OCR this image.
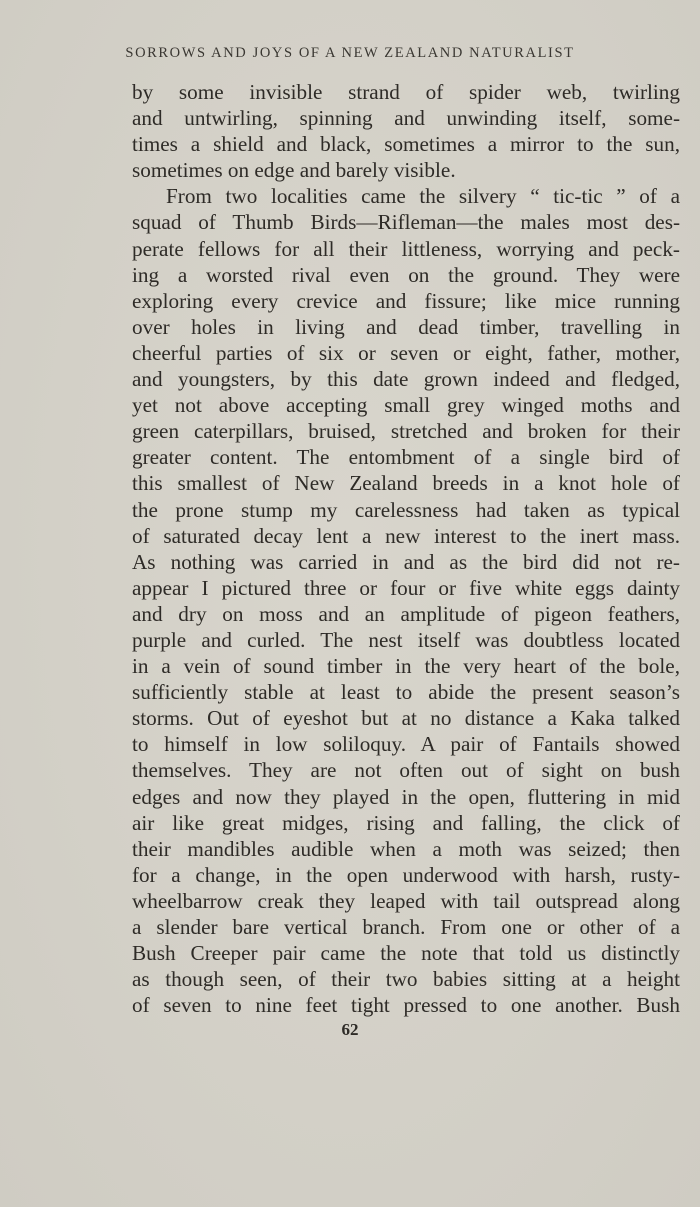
SORROWS AND JOYS OF A NEW ZEALAND NATURALIST
by some invisible strand of spider web, twirling
and untwirling, spinning and unwinding itself, some-
times a shield and black, sometimes a mirror to the sun,
sometimes on edge and barely visible.
From two localities came the silvery “ tic-tic ” of a
squad of Thumb Birds—Rifleman—the males most des-
perate fellows for all their littleness, worrying and peck-
ing a worsted rival even on the ground. They were
exploring every crevice and fissure; like mice running
over holes in living and dead timber, travelling in
cheerful parties of six or seven or eight, father, mother,
and youngsters, by this date grown indeed and fledged,
yet not above accepting small grey winged moths and
green caterpillars, bruised, stretched and broken for their
greater content. The entombment of a single bird of
this smallest of New Zealand breeds in a knot hole of
the prone stump my carelessness had taken as typical
of saturated decay lent a new interest to the inert mass.
As nothing was carried in and as the bird did not re-
appear I pictured three or four or five white eggs dainty
and dry on moss and an amplitude of pigeon feathers,
purple and curled. The nest itself was doubtless located
in a vein of sound timber in the very heart of the bole,
sufficiently stable at least to abide the present season’s
storms. Out of eyeshot but at no distance a Kaka talked
to himself in low soliloquy. A pair of Fantails showed
themselves. They are not often out of sight on bush
edges and now they played in the open, fluttering in mid
air like great midges, rising and falling, the click of
their mandibles audible when a moth was seized; then
for a change, in the open underwood with harsh, rusty-
wheelbarrow creak they leaped with tail outspread along
a slender bare vertical branch. From one or other of a
Bush Creeper pair came the note that told us distinctly
as though seen, of their two babies sitting at a height
of seven to nine feet tight pressed to one another. Bush
62
